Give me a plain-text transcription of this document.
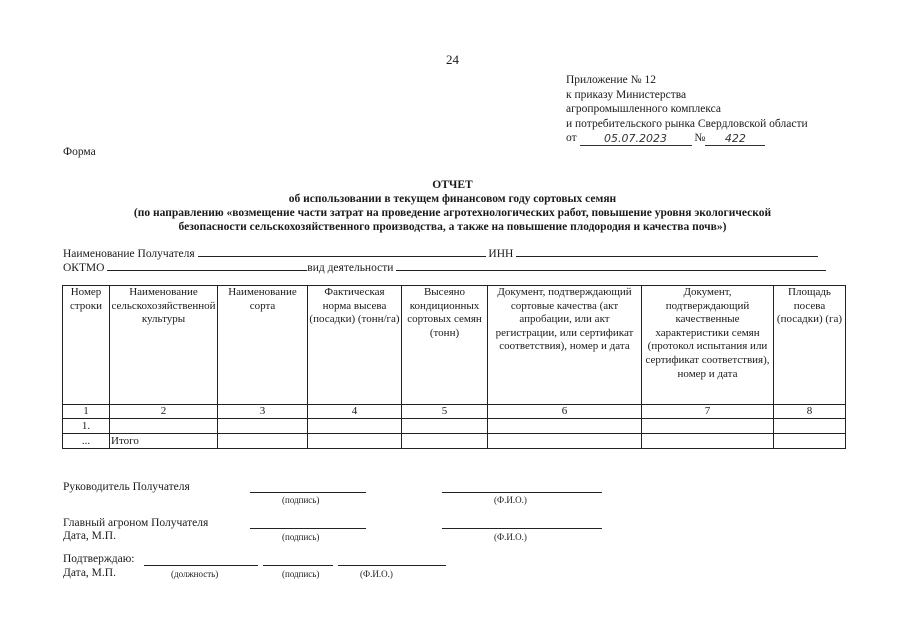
24
Приложение № 12
к приказу Министерства
агропромышленного комплекса
и потребительского рынка Свердловской области
от
	05.07.2023
	№	422
Форма
ОТЧЕТ
об использовании в текущем финансовом году сортовых семян
(по направлению «возмещение части затрат на проведение агротехнологических работ, повышение уровня экологической
безопасности сельскохозяйственного производства, а также на повышение плодородия и качества почв»)
Наименование Получателя	ИНН
ОКТМО	вид деятельности
Номер строки	Наименование сельскохозяйственной культуры	Наименование сорта	Фактическая норма высева (посадки) (тонн/га)	Высеяно кондиционных сортовых семян (тонн)	Документ, подтверждающий сортовые качества (акт апробации, или акт регистрации, или сертификат соответствия), номер и дата	Документ, подтверждающий качественные характеристики семян (протокол испытания или сертификат соответствия), номер и дата	Площадь посева (посадки) (га)
1	2	3	4	5	6	7	8
1.							
...	Итого						
Руководитель Получателя
(подпись)	(Ф.И.О.)
Главный агроном Получателя
Дата, М.П.	(подпись)	(Ф.И.О.)
Подтверждаю:
Дата, М.П.	(должность)	(подпись)	(Ф.И.О.)
